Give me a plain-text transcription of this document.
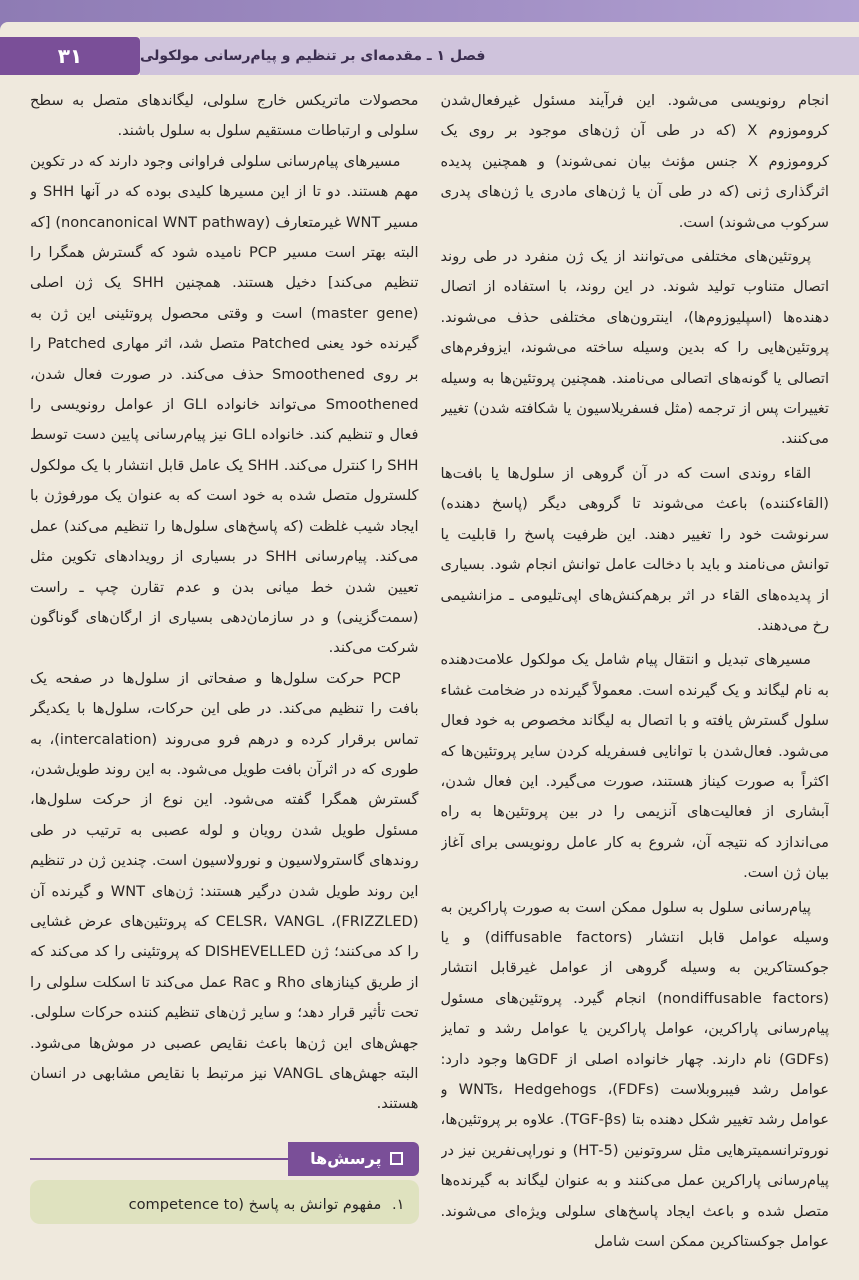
۳۱	فصل ۱ ـ مقدمه‌ای بر تنظیم و پیام‌رسانی مولکولی

انجام رونویسی می‌شود. این فرآیند مسئول غیرفعال‌شدن کروموزوم X (که در طی آن ژن‌های موجود بر روی یک کروموزوم X جنس مؤنث بیان نمی‌شوند) و همچنین پدیده اثرگذاری ژنی (که در طی آن یا ژن‌های مادری یا ژن‌های پدری سرکوب می‌شوند) است.

پروتئین‌های مختلفی می‌توانند از یک ژن منفرد در طی روند اتصال متناوب تولید شوند. در این روند، با استفاده از اتصال دهنده‌ها (اسپلیوزوم‌ها)، اینترون‌های مختلفی حذف می‌شوند. پروتئین‌هایی را که بدین وسیله ساخته می‌شوند، ایزوفرم‌های اتصالی یا گونه‌های اتصالی می‌نامند. همچنین پروتئین‌ها به وسیله تغییرات پس از ترجمه (مثل فسفریلاسیون یا شکافته شدن) تغییر می‌کنند.

القاء روندی است که در آن گروهی از سلول‌ها یا بافت‌ها (القاءکننده) باعث می‌شوند تا گروهی دیگر (پاسخ دهنده) سرنوشت خود را تغییر دهند. این ظرفیت پاسخ را قابلیت یا توانش می‌نامند و باید با دخالت عامل توانش انجام شود. بسیاری از پدیده‌های القاء در اثر برهم‌کنش‌های اپی‌تلیومی ـ مزانشیمی رخ می‌دهند.

مسیرهای تبدیل و انتقال پیام شامل یک مولکول علامت‌دهنده به نام لیگاند و یک گیرنده است. معمولاً گیرنده در ضخامت غشاء سلول گسترش یافته و با اتصال به لیگاند مخصوص به خود فعال می‌شود. فعال‌شدن با توانایی فسفریله کردن سایر پروتئین‌ها که اکثراً به صورت کیناز هستند، صورت می‌گیرد. این فعال شدن، آبشاری از فعالیت‌های آنزیمی را در بین پروتئین‌ها به راه می‌اندازد که نتیجه آن، شروع به کار عامل رونویسی برای آغاز بیان ژن است.

پیام‌رسانی سلول به سلول ممکن است به صورت پاراکرین به وسیله عوامل قابل انتشار (diffusable factors) و یا جوکستاکرین به وسیله گروهی از عوامل غیرقابل انتشار (nondiffusable factors) انجام گیرد. پروتئین‌های مسئول پیام‌رسانی پاراکرین، عوامل پاراکرین یا عوامل رشد و تمایز (GDFs) نام دارند. چهار خانواده اصلی از GDFها وجود دارد: عوامل رشد فیبروبلاست (FDFs)، WNTs، Hedgehogs و عوامل رشد تغییر شکل دهنده بتا (TGF-βs). علاوه بر پروتئین‌ها، نوروترانسمیترهایی مثل سروتونین (5-HT) و نوراپی‌نفرین نیز در پیام‌رسانی پاراکرین عمل می‌کنند و به عنوان لیگاند به گیرنده‌ها متصل شده و باعث ایجاد پاسخ‌های سلولی ویژه‌ای می‌شوند. عوامل جوکستاکرین ممکن است شامل

محصولات ماتریکس خارج سلولی، لیگاندهای متصل به سطح سلولی و ارتباطات مستقیم سلول به سلول باشند.

مسیرهای پیام‌رسانی سلولی فراوانی وجود دارند که در تکوین مهم هستند. دو تا از این مسیرها کلیدی بوده که در آنها SHH و مسیر WNT غیرمتعارف (noncanonical WNT pathway) [که البته بهتر است مسیر PCP نامیده شود که گسترش همگرا را تنظیم می‌کند] دخیل هستند. همچنین SHH یک ژن اصلی (master gene) است و وقتی محصول پروتئینی این ژن به گیرنده خود یعنی Patched متصل شد، اثر مهاری Patched را بر روی Smoothened حذف می‌کند. در صورت فعال شدن، Smoothened می‌تواند خانواده GLI از عوامل رونویسی را فعال و تنظیم کند. خانواده GLI نیز پیام‌رسانی پایین دست توسط SHH را کنترل می‌کند. SHH یک عامل قابل انتشار با یک مولکول کلسترول متصل شده به خود است که به عنوان یک مورفوژن با ایجاد شیب غلظت (که پاسخ‌های سلول‌ها را تنظیم می‌کند) عمل می‌کند. پیام‌رسانی SHH در بسیاری از رویدادهای تکوین مثل تعیین شدن خط میانی بدن و عدم تقارن چپ ـ راست (سمت‌گزینی) و در سازمان‌دهی بسیاری از ارگان‌های گوناگون شرکت می‌کند.

PCP حرکت سلول‌ها و صفحاتی از سلول‌ها در صفحه یک بافت را تنظیم می‌کند. در طی این حرکات، سلول‌ها با یکدیگر تماس برقرار کرده و درهم فرو می‌روند (intercalation)، به طوری که در اثرآن بافت طویل می‌شود. به این روند طویل‌شدن، گسترش همگرا گفته می‌شود. این نوع از حرکت سلول‌ها، مسئول طویل شدن رویان و لوله عصبی به ترتیب در طی روندهای گاسترولاسیون و نورولاسیون است. چندین ژن در تنظیم این روند طویل شدن درگیر هستند: ژن‌های WNT و گیرنده آن (FRIZZLED)، CELSR، VANGL که پروتئین‌های عرض غشایی را کد می‌کنند؛ ژن DISHEVELLED که پروتئینی را کد می‌کند که از طریق کینازهای Rho و Rac عمل می‌کند تا اسکلت سلولی را تحت تأثیر قرار دهد؛ و سایر ژن‌های تنظیم کننده حرکات سلولی. جهش‌های این ژن‌ها باعث نقایص عصبی در موش‌ها می‌شود. البته جهش‌های VANGL نیز مرتبط با نقایص مشابهی در انسان هستند.

پرسش‌ها
۱. مفهوم توانش به پاسخ (competence to
